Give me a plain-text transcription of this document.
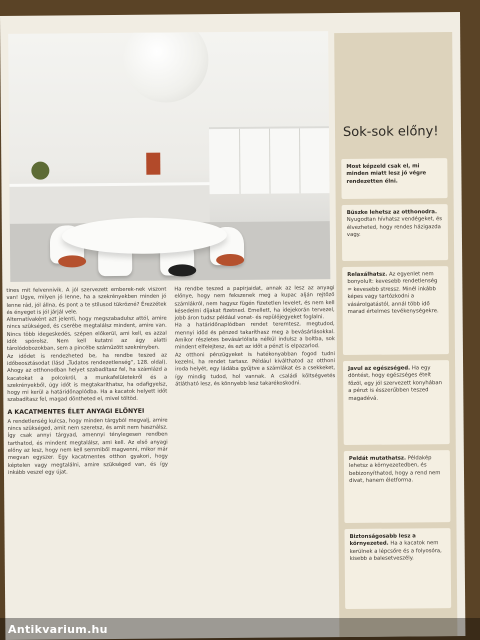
tines mit felvennivik. A jól szervezett emberek-nek viszont van! Ugye, milyen jó lenne, ha a szekrényekben minden jó lenne rád, jól állna, és pont a te stílusod tükrözné? Érezzétek és ényeget is jól járjál vele.

Alternatívaként azt jelenti, hogy megszabadulsz attól, amire nincs szükséged, és cserébe megtalálsz mindent, amire van. Nincs több idegeskedés, szépen előkerül, ami kell, es azzal időt spórolsz. Nem kell kutatni az ágy alatti tárolódobozokban, sem a pincébe száműzött szekrényben.

Az idődet is rendezheted be, ha rendbe teszed az időbeosztásodat (lásd „Tudatos rendezetlenség”, 128. oldal). Ahogy az otthonodban helyet szabadítasz fel, ha számlázd a kacatokat a polcokról, a munkafelületekről és a szekrényekből, úgy időt is megtakaríthatsz, ha odafigyelsz, hogy mi kerül a határidőnaplódba. Ha a kacatok helyett időt szabadítasz fel, magad döntheted el, mivel töltöd.

A KACATMENTES ÉLET ANYAGI ELŐNYEI

A rendetlenség kulcsa, hogy minden tárgyból megvalj, amire nincs szükséged, amit nem szeretsz, és amit nem használsz. Így csak annyi tárgyad, amennyi ténylegesen rendben tarthatod, és mindent megtalálsz, ami kell. Az első anyagi előny az lesz, hogy nem kell semmiből magvenni, mikor már megvan egyszer. Egy kacatmentes otthon gyakori, hogy képtelen vagy megtalálni, amire szükséged van, és így inkább veszel egy újat.

Ha rendbe teszed a papírjaidat, annak az lesz az anyagi előnye, hogy nem fekszenek meg a kupac alján rejtőző számlákról, nem hagysz fügén fizetetlen levelet, és nem kell késedelmi díjakat fizetned. Emellett, ha idejekorán tervezel, jobb áron tudsz például vonat- és repülőjegyeket foglalni.

Ha a határidőnaplódban rendet teremtesz, megtudod, mennyi időd és pénzed takaríthasz meg a bevásárlásokkal. Amikor részletes bevásárlólista nélkül indulsz a boltba, sok mindent elfelejtesz, és ezt az időt a pénzt is elpazarlod.

Az otthoni pénzügyeket is hatékonyabban fogod tudni kezelni, ha rendet tartasz. Például kiválthatod az otthoni iroda helyét, egy ládába gyűjtve a számlákat és a csekkeket, így mindig tudod, hol vannak. A családi költségvetés átlátható lesz, és könnyebb lesz takarékoskodni.

Sok-sok előny!
Most képzeld csak el, mi minden miatt lesz jó végre rendezetten élni.
Büszke lehetsz az otthonodra. Nyugodtan hívhatsz vendégeket, és élvezheted, hogy rendes házigazda vagy.
Relaxálhatsz. Az egyenlet nem bonyolult: kevesebb rendetlenség = kevesebb stressz. Minél inkább képes vagy tartózkodni a vásárolgatástól, annál több idő marad értelmes tevékenységekre.
Javul az egészséged. Ha egy döntést, hogy egészséges ételt főzöl, egy jól szervezett konyhában a pénzt is ésszerűbben teszed magadévá.
Peldát mutathatsz. Példakép lehetsz a környezetedben, és bebizonyíthatod, hogy a rend nem divat, hanem életforma.
Biztonságosabb lesz a környezeted. Ha a kacatok nem kerülnek a lépcsőre és a folyosóra, kisebb a balesetveszély.
Antikvarium.hu
